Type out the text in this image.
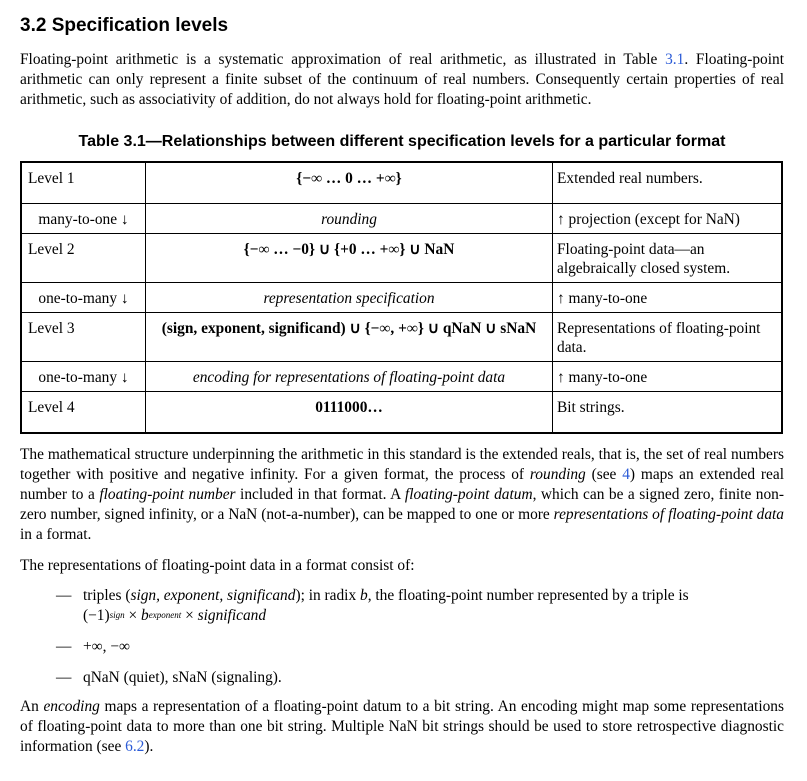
3.2 Specification levels

Floating-point arithmetic is a systematic approximation of real arithmetic, as illustrated in Table 3.1. Floating-point arithmetic can only represent a finite subset of the continuum of real numbers. Consequently certain properties of real arithmetic, such as associativity of addition, do not always hold for floating-point arithmetic.

Table 3.1—Relationships between different specification levels for a particular format
Level 1	{−∞ … 0 … +∞}	Extended real numbers.
many-to-one ↓	rounding	↑ projection (except for NaN)
Level 2	{−∞ … −0} ∪ {+0 … +∞} ∪ NaN	Floating-point data—an algebraically closed system.
one-to-many ↓	representation specification	↑ many-to-one
Level 3	(sign, exponent, significand) ∪ {−∞, +∞} ∪ qNaN ∪ sNaN	Representations of floating-point data.
one-to-many ↓	encoding for representations of floating-point data	↑ many-to-one
Level 4	0111000…	Bit strings.

The mathematical structure underpinning the arithmetic in this standard is the extended reals, that is, the set of real numbers together with positive and negative infinity. For a given format, the process of rounding (see 4) maps an extended real number to a floating-point number included in that format. A floating-point datum, which can be a signed zero, finite non-zero number, signed infinity, or a NaN (not-a-number), can be mapped to one or more representations of floating-point data in a format.

The representations of floating-point data in a format consist of:

— triples (sign, exponent, significand); in radix b, the floating-point number represented by a triple is
$(-1)^{sign} \times b^{exponent}$ × significand
— +∞, −∞
— qNaN (quiet), sNaN (signaling).

An encoding maps a representation of a floating-point datum to a bit string. An encoding might map some representations of floating-point data to more than one bit string. Multiple NaN bit strings should be used to store retrospective diagnostic information (see 6.2).
